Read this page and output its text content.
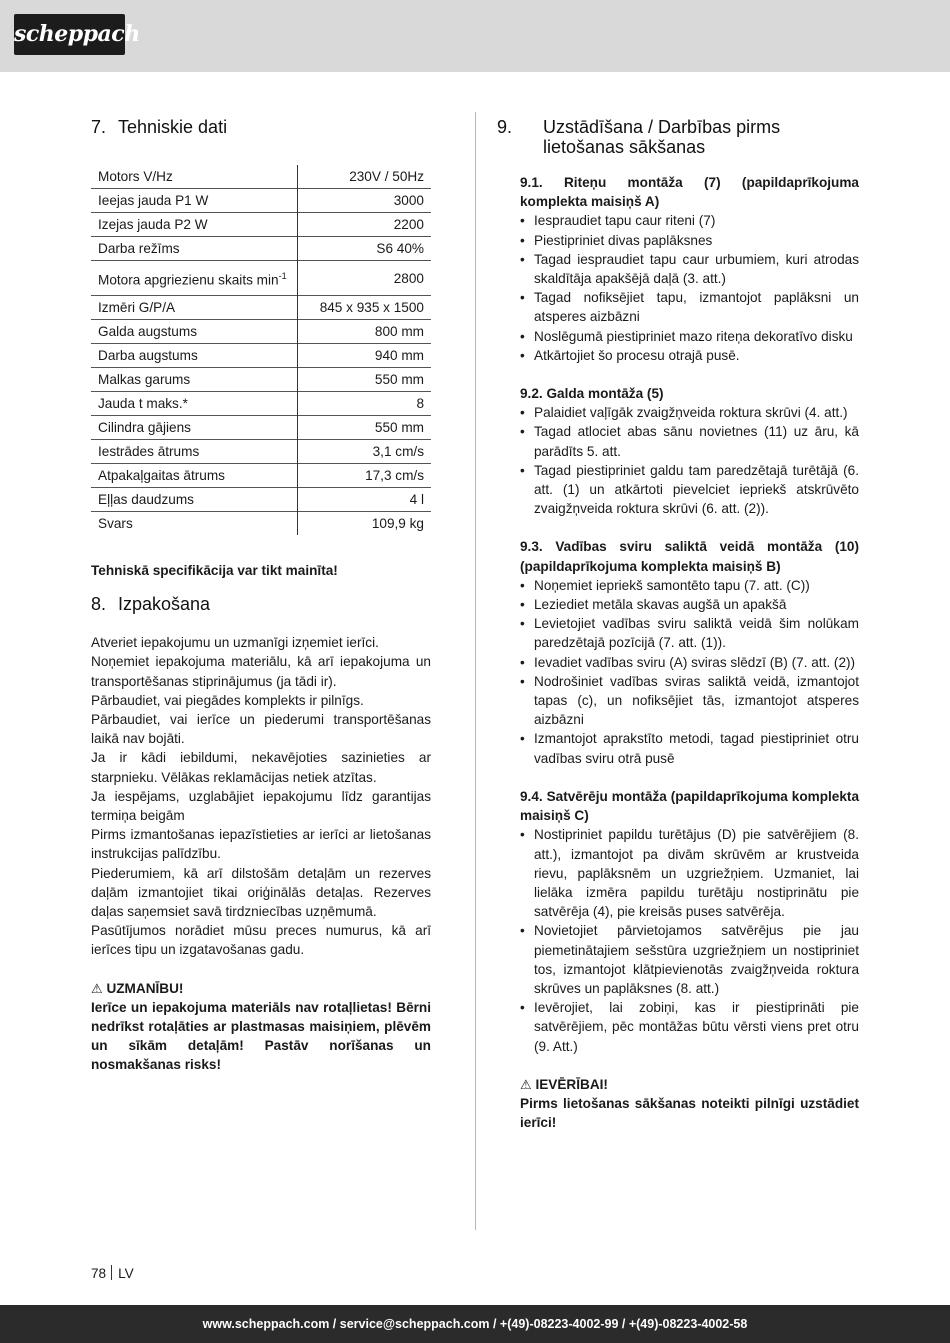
scheppach
7. Tehniskie dati
Motors V/Hz	230V / 50Hz
Ieejas jauda P1 W	3000
Izejas jauda P2 W	2200
Darba režīms	S6 40%
Motora apgriezienu skaits $\min^{-1}$	2800
Izmēri G/P/A	845 x 935 x 1500
Galda augstums	800 mm
Darba augstums	940 mm
Malkas garums	550 mm
Jauda t maks.*	8
Cilindra gājiens	550 mm
Iestrādes ātrums	3,1 cm/s
Atpakaļgaitas ātrums	17,3 cm/s
Eļļas daudzums	4 l
Svars	109,9 kg

Tehniskā specifikācija var tikt mainīta!

8. Izpakošana

Atveriet iepakojumu un uzmanīgi izņemiet ierīci.

Noņemiet iepakojuma materiālu, kā arī iepakojuma un transportēšanas stiprinājumus (ja tādi ir).

Pārbaudiet, vai piegādes komplekts ir pilnīgs.

Pārbaudiet, vai ierīce un piederumi transportēšanas laikā nav bojāti.

Ja ir kādi iebildumi, nekavējoties sazinieties ar starpnieku. Vēlākas reklamācijas netiek atzītas.

Ja iespējams, uzglabājiet iepakojumu līdz garantijas termiņa beigām

Pirms izmantošanas iepazīstieties ar ierīci ar lietošanas instrukcijas palīdzību.

Piederumiem, kā arī dilstošām detaļām un rezerves daļām izmantojiet tikai oriģinālās detaļas. Rezerves daļas saņemsiet savā tirdzniecības uzņēmumā.

Pasūtījumos norādiet mūsu preces numurus, kā arī ierīces tipu un izgatavošanas gadu.

⚠ UZMANĪBU!

Ierīce un iepakojuma materiāls nav rotaļlietas! Bērni nedrīkst rotaļāties ar plastmasas maisiņiem, plēvēm un sīkām detaļām! Pastāv norīšanas un nosmakšanas risks!

9. Uzstādīšana / Darbības pirms lietošanas sākšanas

9.1. Riteņu montāža (7) (papildaprīkojuma komplekta maisiņš A)

• Iespraudiet tapu caur riteni (7)
• Piestipriniet divas paplāksnes
• Tagad iespraudiet tapu caur urbumiem, kuri atrodas skaldītāja apakšējā daļā (3. att.)
• Tagad nofiksējiet tapu, izmantojot paplāksni un atsperes aizbāzni
• Noslēgumā piestipriniet mazo riteņa dekoratīvo disku
• Atkārtojiet šo procesu otrajā pusē.

9.2. Galda montāža (5)

• Palaidiet vaļīgāk zvaigžņveida roktura skrūvi (4. att.)
• Tagad atlociet abas sānu novietnes (11) uz āru, kā parādīts 5. att.
• Tagad piestipriniet galdu tam paredzētajā turētājā (6. att. (1) un atkārtoti pievelciet iepriekš atskrūvēto zvaigžņveida roktura skrūvi (6. att. (2)).

9.3. Vadības sviru saliktā veidā montāža (10) (papildaprīkojuma komplekta maisiņš B)

• Noņemiet iepriekš samontēto tapu (7. att. (C))
• Leziediet metāla skavas augšā un apakšā
• Levietojiet vadības sviru saliktā veidā šim nolūkam paredzētajā pozīcijā (7. att. (1)).
• Ievadiet vadības sviru (A) sviras slēdzī (B) (7. att. (2))
• Nodrošiniet vadības sviras saliktā veidā, izmantojot tapas (c), un nofiksējiet tās, izmantojot atsperes aizbāzni
• Izmantojot aprakstīto metodi, tagad piestipriniet otru vadības sviru otrā pusē

9.4. Satvērēju montāža (papildaprīkojuma komplekta maisiņš C)

• Nostipriniet papildu turētājus (D) pie satvērējiem (8. att.), izmantojot pa divām skrūvēm ar krustveida rievu, paplāksnēm un uzgriežņiem. Uzmaniet, lai lielāka izmēra papildu turētāju nostiprinātu pie satvērēja (4), pie kreisās puses satvērēja.
• Novietojiet pārvietojamos satvērējus pie jau piemetinātajiem sešstūra uzgriežņiem un nostipriniet tos, izmantojot klātpievienotās zvaigžņveida roktura skrūves un paplāksnes (8. att.)
• Ievērojiet, lai zobiņi, kas ir piestiprināti pie satvērējiem, pēc montāžas būtu vērsti viens pret otru (9. Att.)

⚠ IEVĒRĪBAI!

Pirms lietošanas sākšanas noteikti pilnīgi uzstādiet ierīci!

78 LV
www.scheppach.com / service@scheppach.com / +(49)-08223-4002-99 / +(49)-08223-4002-58
